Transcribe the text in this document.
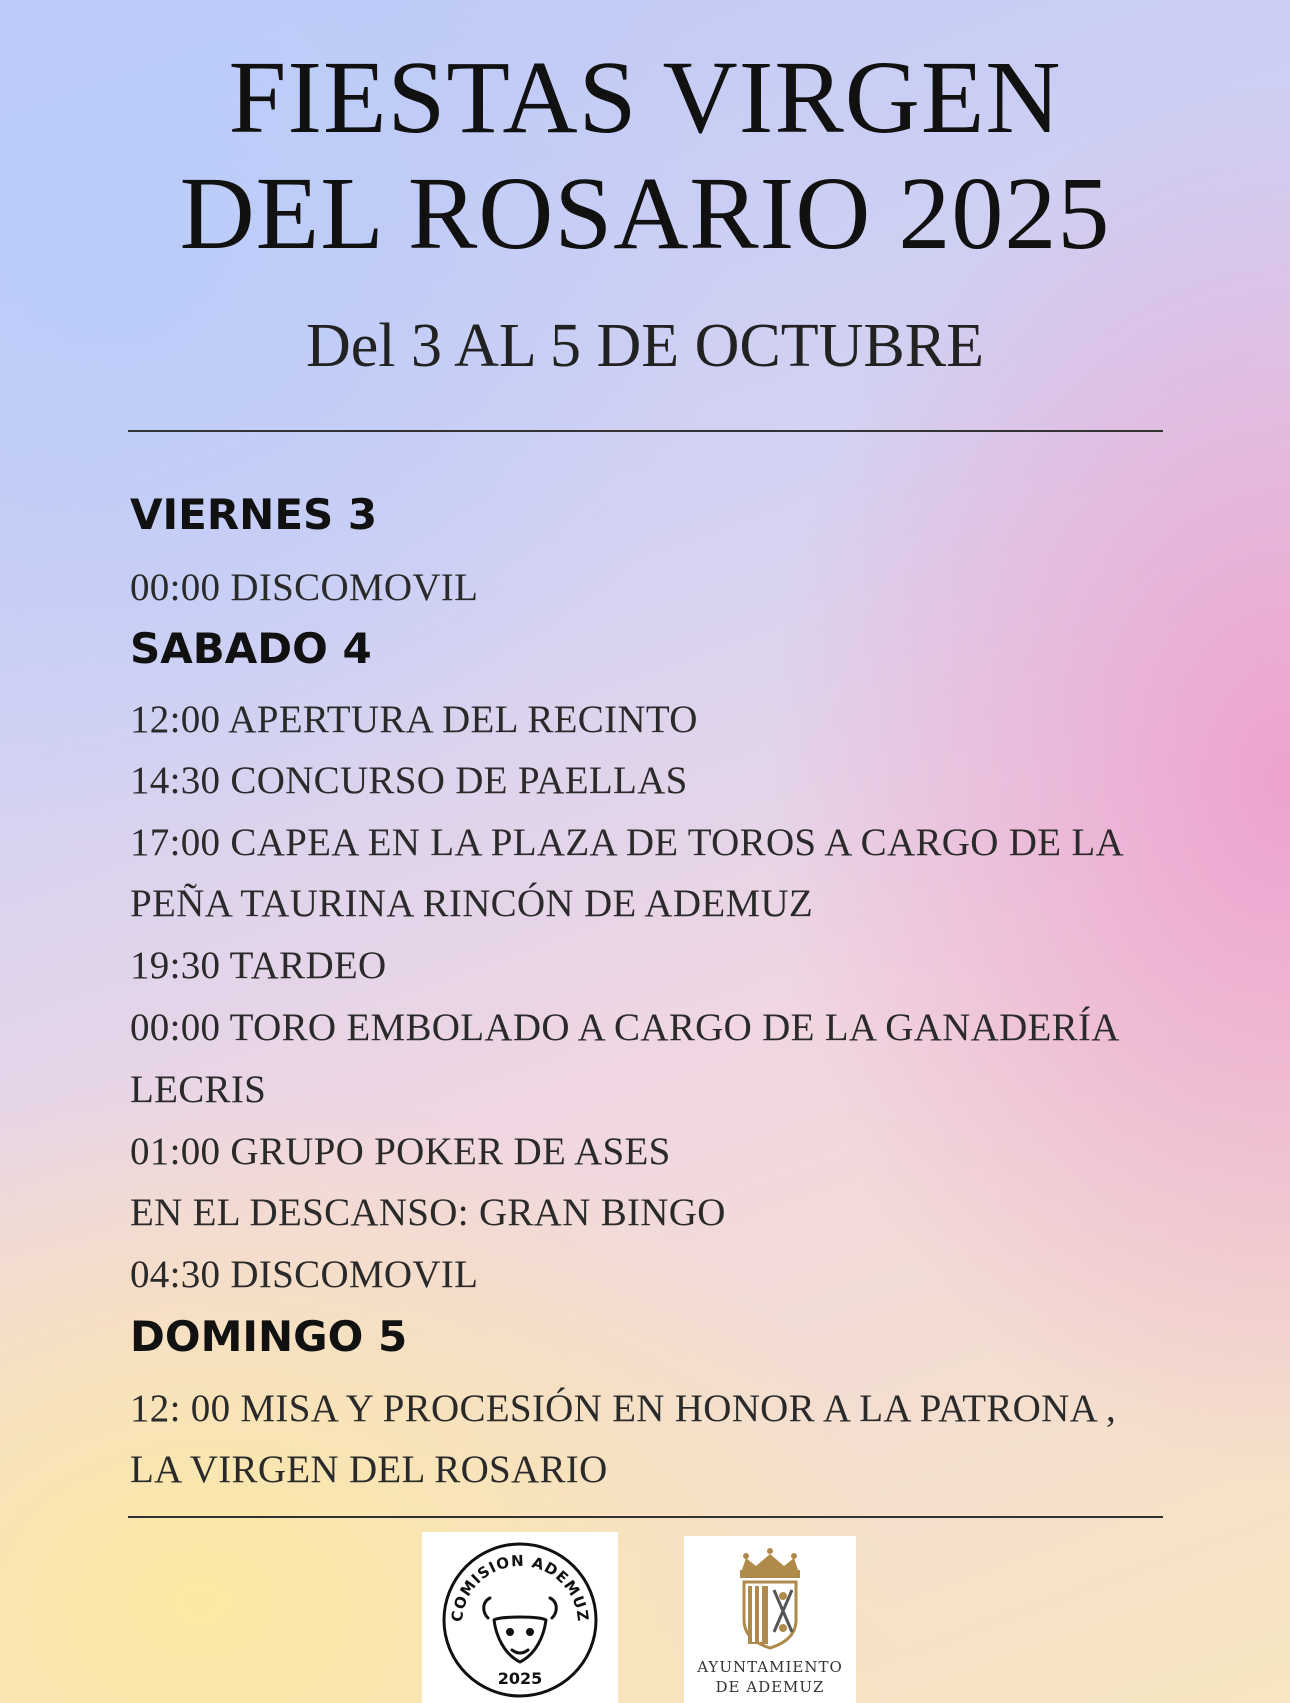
FIESTAS VIRGEN
DEL ROSARIO 2025
Del 3 AL 5 DE OCTUBRE
VIERNES 3
00:00 DISCOMOVIL
SABADO 4
12:00 APERTURA DEL RECINTO
14:30 CONCURSO DE PAELLAS
17:00 CAPEA EN LA PLAZA DE TOROS A CARGO DE LA
PEÑA TAURINA RINCÓN DE ADEMUZ
19:30 TARDEO
00:00 TORO EMBOLADO A CARGO DE LA GANADERÍA
LECRIS
01:00 GRUPO POKER DE ASES
EN EL DESCANSO: GRAN BINGO
04:30 DISCOMOVIL
DOMINGO 5
12: 00 MISA Y PROCESIÓN EN HONOR A LA PATRONA ,
LA VIRGEN DEL ROSARIO
COMISION ADEMUZ
2025
AYUNTAMIENTO
DE ADEMUZ
